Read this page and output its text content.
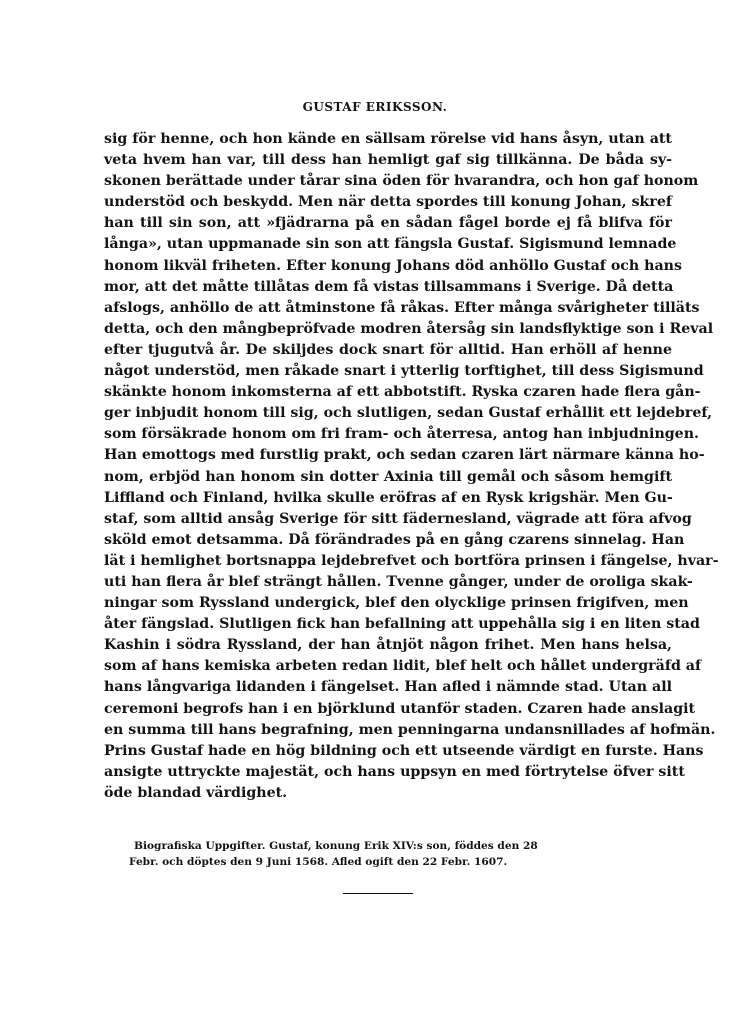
GUSTAF ERIKSSON.
sig för henne, och hon kände en sällsam rörelse vid hans åsyn, utan att
veta hvem han var, till dess han hemligt gaf sig tillkänna. De båda sy-
skonen berättade under tårar sina öden för hvarandra, och hon gaf honom
understöd och beskydd. Men när detta spordes till konung Johan, skref
han till sin son, att »fjädrarna på en sådan fågel borde ej få blifva för
långa», utan uppmanade sin son att fängsla Gustaf. Sigismund lemnade
honom likväl friheten. Efter konung Johans död anhöllo Gustaf och hans
mor, att det måtte tillåtas dem få vistas tillsammans i Sverige. Då detta
afslogs, anhöllo de att åtminstone få råkas. Efter många svårigheter tilläts
detta, och den mångbepröfvade modren återsåg sin landsflyktige son i Reval
efter tjugutvå år. De skiljdes dock snart för alltid. Han erhöll af henne
något understöd, men råkade snart i ytterlig torftighet, till dess Sigismund
skänkte honom inkomsterna af ett abbotstift. Ryska czaren hade flera gån-
ger inbjudit honom till sig, och slutligen, sedan Gustaf erhållit ett lejdebref,
som försäkrade honom om fri fram- och återresa, antog han inbjudningen.
Han emottogs med furstlig prakt, och sedan czaren lärt närmare känna ho-
nom, erbjöd han honom sin dotter Axinia till gemål och såsom hemgift
Liffland och Finland, hvilka skulle eröfras af en Rysk krigshär. Men Gu-
staf, som alltid ansåg Sverige för sitt fädernesland, vägrade att föra afvog
sköld emot detsamma. Då förändrades på en gång czarens sinnelag. Han
lät i hemlighet bortsnappa lejdebrefvet och bortföra prinsen i fängelse, hvar-
uti han flera år blef strängt hållen. Tvenne gånger, under de oroliga skak-
ningar som Ryssland undergick, blef den olycklige prinsen frigifven, men
åter fängslad. Slutligen fick han befallning att uppehålla sig i en liten stad
Kashin i södra Ryssland, der han åtnjöt någon frihet. Men hans helsa,
som af hans kemiska arbeten redan lidit, blef helt och hållet undergräfd af
hans långvariga lidanden i fängelset. Han afled i nämnde stad. Utan all
ceremoni begrofs han i en björklund utanför staden. Czaren hade anslagit
en summa till hans begrafning, men penningarna undansnillades af hofmän.
Prins Gustaf hade en hög bildning och ett utseende värdigt en furste. Hans
ansigte uttryckte majestät, och hans uppsyn en med förtrytelse öfver sitt
öde blandad värdighet.
Biografiska Uppgifter. Gustaf, konung Erik XIV:s son, föddes den 28
Febr. och döptes den 9 Juni 1568. Afled ogift den 22 Febr. 1607.
